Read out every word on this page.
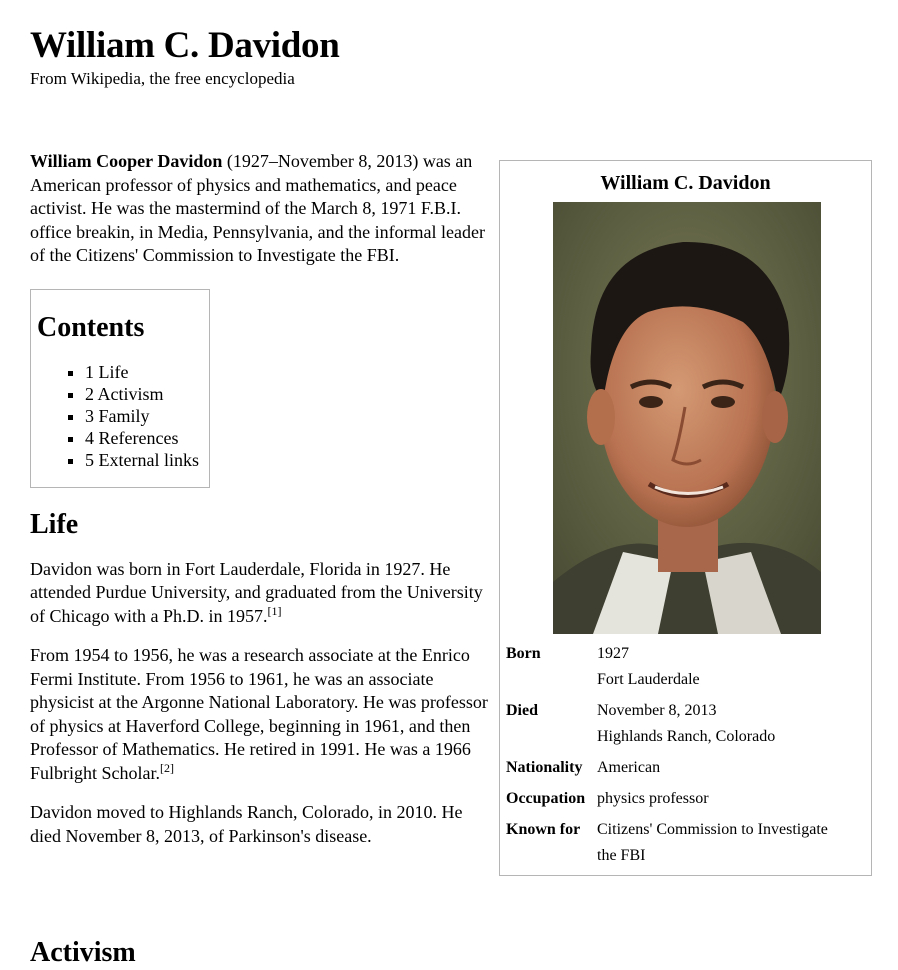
William C. Davidon
From Wikipedia, the free encyclopedia

William Cooper Davidon (1927–November 8, 2013) was an American professor of physics and mathematics, and peace activist. He was the mastermind of the March 8, 1971 F.B.I. office breakin, in Media, Pennsylvania, and the informal leader of the Citizens' Commission to Investigate the FBI.

Contents
▪ 1 Life
▪ 2 Activism
▪ 3 Family
▪ 4 References
▪ 5 External links
Life

Davidon was born in Fort Lauderdale, Florida in 1927. He attended Purdue University, and graduated from the University of Chicago with a Ph.D. in 1957.[1]

From 1954 to 1956, he was a research associate at the Enrico Fermi Institute. From 1956 to 1961, he was an associate physicist at the Argonne National Laboratory. He was professor of physics at Haverford College, beginning in 1961, and then Professor of Mathematics. He retired in 1991. He was a 1966 Fulbright Scholar.[2]

Davidon moved to Highlands Ranch, Colorado, in 2010. He died November 8, 2013, of Parkinson's disease.

Activism
William C. Davidon
Born	1927
Fort Lauderdale

Died	November 8, 2013
Highlands Ranch, Colorado

Nationality	American
Occupation	physics professor
Known for	Citizens' Commission to Investigate
the FBI
